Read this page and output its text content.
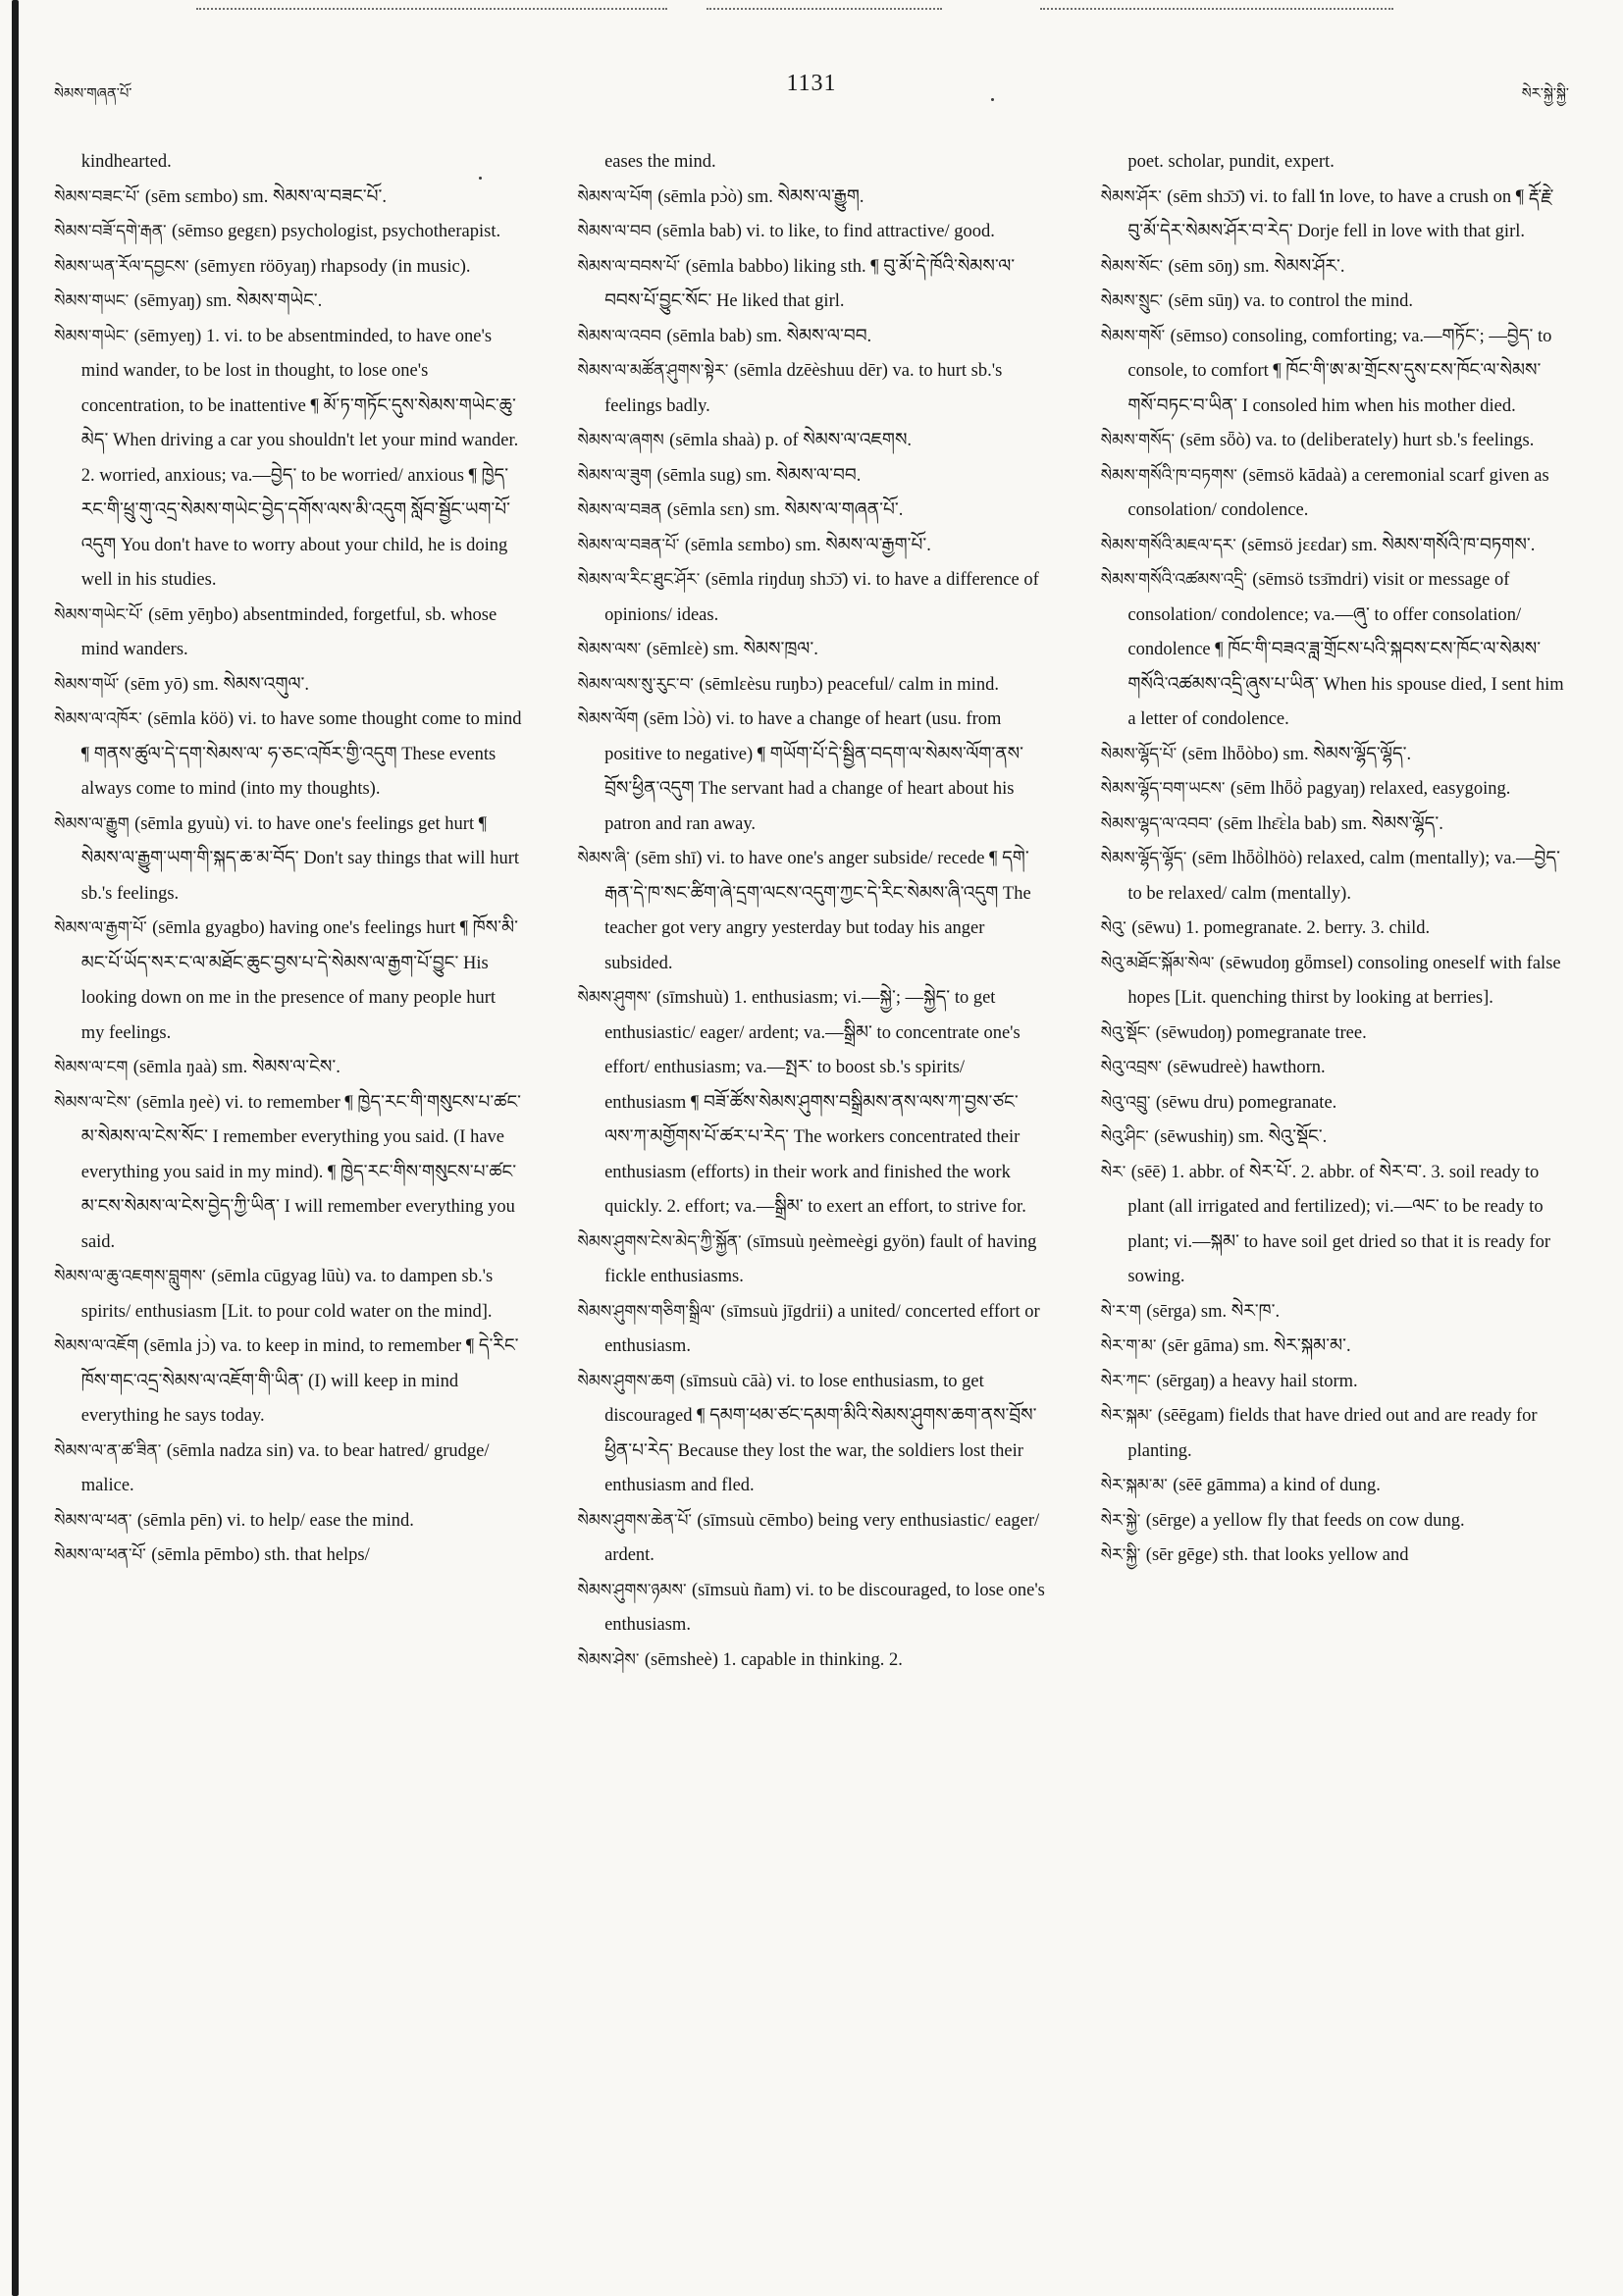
སེམས་གཞན་པོ་	1131	སེར་སྐྱེ་སྐྱི་

kindhearted.

སེམས་བཟང་པོ་ (sēm sɛmbo) sm. སེམས་ལ་བཟང་པོ་.

སེམས་བཟོ་དགེ་རྒན་ (sēmso gegɛn) psychologist, psychotherapist.

སེམས་ཡན་རོལ་དབྱངས་ (sēmyɛn röōyaŋ) rhapsody (in music).

སེམས་གཡང་ (sēmyaŋ) sm. སེམས་གཡེང་.

སེམས་གཡེང་ (sēmyeŋ) 1. vi. to be absentminded, to have one's mind wander, to be lost in thought, to lose one's concentration, to be inattentive ¶ མོ་ཏ་གཏོང་དུས་སེམས་གཡེང་ཆུ་མེད་ When driving a car you shouldn't let your mind wander. 2. worried, anxious; va.—བྱེད་ to be worried/ anxious ¶ ཁྱེད་རང་གི་ཕྲུ་གུ་འདྲ་སེམས་གཡེང་བྱེད་དགོས་ལས་མི་འདུག སློབ་སྦྱོང་ཡག་པོ་འདུག You don't have to worry about your child, he is doing well in his studies.

སེམས་གཡེང་པོ་ (sēm yēŋbo) absentminded, forgetful, sb. whose mind wanders.

སེམས་གཡོ་ (sēm yō) sm. སེམས་འགུལ་.

སེམས་ལ་འཁོར་ (sēmla köö) vi. to have some thought come to mind ¶ གནས་ཚུལ་དེ་དག་སེམས་ལ་ ཧ་ཅང་འཁོར་གྱི་འདུག These events always come to mind (into my thoughts).

སེམས་ལ་རྒྱུག (sēmla gyuù) vi. to have one's feelings get hurt ¶ སེམས་ལ་རྒྱུག་ཡག་གི་སྐད་ཆ་མ་བོད་ Don't say things that will hurt sb.'s feelings.

སེམས་ལ་རྒྱག་པོ་ (sēmla gyagbo) having one's feelings hurt ¶ ཁོས་མི་མང་པོ་ཡོད་སར་ང་ལ་མཐོང་ཆུང་བྱས་པ་དེ་སེམས་ལ་རྒྱག་པོ་བྱུང་ His looking down on me in the presence of many people hurt my feelings.

སེམས་ལ་ངག (sēmla ŋaà) sm. སེམས་ལ་ངེས་.

སེམས་ལ་ངེས་ (sēmla ŋeè) vi. to remember ¶ ཁྱེད་རང་གི་གསུངས་པ་ཚང་མ་སེམས་ལ་ངེས་སོང་ I remember everything you said. (I have everything you said in my mind). ¶ ཁྱེད་རང་གིས་གསུངས་པ་ཚང་མ་ངས་སེམས་ལ་ངེས་བྱེད་ཀྱི་ཡིན་ I will remember everything you said.

སེམས་ལ་ཆུ་འཇགས་བླུགས་ (sēmla cūgyag lūù) va. to dampen sb.'s spirits/ enthusiasm [Lit. to pour cold water on the mind].

སེམས་ལ་འཇོག (sēmla jɔ̀) va. to keep in mind, to remember ¶ དེ་རིང་ཁོས་གང་འདྲ་སེམས་ལ་འཇོག་གི་ཡིན་ (I) will keep in mind everything he says today.

སེམས་ལ་ན་ཚ་ཟིན་ (sēmla nadza sin) va. to bear hatred/ grudge/ malice.

སེམས་ལ་ཕན་ (sēmla pēn) vi. to help/ ease the mind.

སེམས་ལ་ཕན་པོ་ (sēmla pēmbo) sth. that helps/

eases the mind.

སེམས་ལ་པོག (sēmla pɔ̀ò) sm. སེམས་ལ་རྒྱུག.

སེམས་ལ་བབ (sēmla bab) vi. to like, to find attractive/ good.

སེམས་ལ་བབས་པོ་ (sēmla babbo) liking sth. ¶ བུ་མོ་དེ་ཁོའི་སེམས་ལ་བབས་པོ་བྱུང་སོང་ He liked that girl.

སེམས་ལ་འབབ (sēmla bab) sm. སེམས་ལ་བབ.

སེམས་ལ་མཚོན་ཤུགས་སྟེར་ (sēmla dzēèshuu dēr) va. to hurt sb.'s feelings badly.

སེམས་ལ་ཞགས (sēmla shaà) p. of སེམས་ལ་འཇགས.

སེམས་ལ་ཟུག (sēmla sug) sm. སེམས་ལ་བབ.

སེམས་ལ་བཟན (sēmla sɛn) sm. སེམས་ལ་གཞན་པོ་.

སེམས་ལ་བཟན་པོ་ (sēmla sɛmbo) sm. སེམས་ལ་རྒྱག་པོ་.

སེམས་ལ་རིང་ཐུང་ཤོར་ (sēmla riŋduŋ shɔ̄ɔ̄) vi. to have a difference of opinions/ ideas.

སེམས་ལས་ (sēmlɛè) sm. སེམས་ཁྲལ་.

སེམས་ལས་སུ་རུང་བ་ (sēmlɛèsu ruŋbɔ) peaceful/ calm in mind.

སེམས་ལོག (sēm lɔ̀ò) vi. to have a change of heart (usu. from positive to negative) ¶ གཡོག་པོ་དེ་སྦྱིན་བདག་ལ་སེམས་ལོག་ནས་བྲོས་ཕྱིན་འདུག The servant had a change of heart about his patron and ran away.

སེམས་ཞི་ (sēm shī) vi. to have one's anger subside/ recede ¶ དགེ་རྒན་དེ་ཁ་སང་ཚིག་ཞེ་དྲག་ལངས་འདུག་ཀྱང་དེ་རིང་སེམས་ཞི་འདུག The teacher got very angry yesterday but today his anger subsided.

སེམས་ཤུགས་ (sīmshuù) 1. enthusiasm; vi.—སྐྱེ་; —སྐྱེད་ to get enthusiastic/ eager/ ardent; va.—སྒྲིམ་ to concentrate one's effort/ enthusiasm; va.—སྤར་ to boost sb.'s spirits/ enthusiasm ¶ བཟོ་ཚོས་སེམས་ཤུགས་བསྒྲིམས་ནས་ལས་ཀ་བྱས་ཙང་ལས་ཀ་མགྱོགས་པོ་ཚར་པ་རེད་ The workers concentrated their enthusiasm (efforts) in their work and finished the work quickly. 2. effort; va.—སྒྲིམ་ to exert an effort, to strive for.

སེམས་ཤུགས་ངེས་མེད་ཀྱི་སྐྱོན་ (sīmsuù ŋeèmeègi gyön) fault of having fickle enthusiasms.

སེམས་ཤུགས་གཅིག་སྒྲིལ་ (sīmsuù jīgdrii) a united/ concerted effort or enthusiasm.

སེམས་ཤུགས་ཆག (sīmsuù cāà) vi. to lose enthusiasm, to get discouraged ¶ དམག་ཕམ་ཙང་དམག་མིའི་སེམས་ཤུགས་ཆག་ནས་བྲོས་ཕྱིན་པ་རེད་ Because they lost the war, the soldiers lost their enthusiasm and fled.

སེམས་ཤུགས་ཆེན་པོ་ (sīmsuù cēmbo) being very enthusiastic/ eager/ ardent.

སེམས་ཤུགས་ཉམས་ (sīmsuù ñam) vi. to be discouraged, to lose one's enthusiasm.

སེམས་ཤེས་ (sēmsheè) 1. capable in thinking. 2.

poet. scholar, pundit, expert.

སེམས་ཤོར་ (sēm shɔ̄ɔ̄) vi. to fall in love, to have a crush on ¶ རྡོ་རྗེ་བུ་མོ་དེར་སེམས་ཤོར་བ་རེད་ Dorje fell in love with that girl.

སེམས་སོང་ (sēm sōŋ) sm. སེམས་ཤོར་.

སེམས་སྲུང་ (sēm sūŋ) va. to control the mind.

སེམས་གསོ་ (sēmso) consoling, comforting; va.—གཏོང་; —བྱེད་ to console, to comfort ¶ ཁོང་གི་ཨ་མ་གྲོངས་དུས་ངས་ཁོང་ལ་སེམས་གསོ་བཏང་བ་ཡིན་ I consoled him when his mother died.

སེམས་གསོད་ (sēm sȫò) va. to (deliberately) hurt sb.'s feelings.

སེམས་གསོའི་ཁ་བཏགས་ (sēmsö kādaà) a ceremonial scarf given as consolation/ condolence.

སེམས་གསོའི་མཇལ་དར་ (sēmsö jɛɛdar) sm. སེམས་གསོའི་ཁ་བཏགས་.

སེམས་གསོའི་འཚམས་འདྲི་ (sēmsö tsɜ̄mdri) visit or message of consolation/ condolence; va.—ཞུ་ to offer consolation/ condolence ¶ ཁོང་གི་བཟའ་ཟླ་གྲོངས་པའི་སྐབས་ངས་ཁོང་ལ་སེམས་གསོའི་འཚམས་འདྲི་ཞུས་པ་ཡིན་ When his spouse died, I sent him a letter of condolence.

སེམས་ལྷོད་པོ་ (sēm lhȫòbo) sm. སེམས་ལྷོད་ལྷོད་.

སེམས་ལྷོད་བག་ཡངས་ (sēm lhȫö̀ pagyaŋ) relaxed, easygoing.

སེམས་ལྷད་ལ་འབབ་ (sēm lhɛ̄ɛ̀la bab) sm. སེམས་ལྷོད་.

སེམས་ལྷོད་ལྷོད་ (sēm lhȫö̀lhöò) relaxed, calm (mentally); va.—བྱེད་ to be relaxed/ calm (mentally).

སེའུ་ (sēwu) 1. pomegranate. 2. berry. 3. child.

སེའུ་མཐོང་སྐོམ་སེལ་ (sēwudoŋ gȫmsel) consoling oneself with false hopes [Lit. quenching thirst by looking at berries].

སེའུ་སྡོང་ (sēwudoŋ) pomegranate tree.

སེའུ་འབྲས་ (sēwudreè) hawthorn.

སེའུ་འབྲུ་ (sēwu dru) pomegranate.

སེའུ་ཤིང་ (sēwushiŋ) sm. སེའུ་སྡོང་.

སེར་ (sēē) 1. abbr. of སེར་པོ་. 2. abbr. of སེར་བ་. 3. soil ready to plant (all irrigated and fertilized); vi.—ལང་ to be ready to plant; vi.—སྐམ་ to have soil get dried so that it is ready for sowing.

སེ་ར་ག (sērga) sm. སེར་ཁ་.

སེར་ག་མ་ (sēr gāma) sm. སེར་སྐམ་མ་.

སེར་ཀང་ (sērgaŋ) a heavy hail storm.

སེར་སྐམ་ (sēēgam) fields that have dried out and are ready for planting.

སེར་སྐམ་མ་ (sēē gāmma) a kind of dung.

སེར་སྐྱེ་ (sērge) a yellow fly that feeds on cow dung.

སེར་སྐྱི་ (sēr gēge) sth. that looks yellow and
